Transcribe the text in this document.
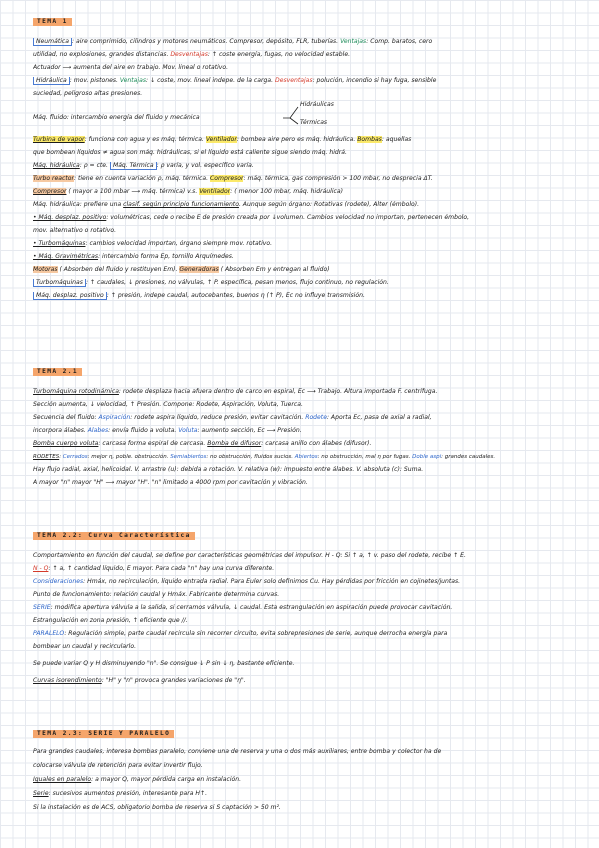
TEMA 1
Neumática : aire comprimido, cilindros y motores neumáticos. Compresor, depósito, FLR, tuberías. Ventajas: Comp. baratos, cero
utilidad, no explosiones, grandes distancias. Desventajas: ↑ coste energía, fugas, no velocidad estable.
Actuador ⟶ aumenta del aire en trabajo. Mov. lineal o rotativo.
Hidráulica : mov. pistones. Ventajas: ↓ coste, mov. lineal indepe. de la carga. Desventajas: polución, incendio si hay fuga, sensible
suciedad, peligroso altas presiones.
Máq. fluido: intercambio energía del fluido y mecánica
Hidráulicas
Térmicas
Turbina de vapor: funciona con agua y es máq. térmica. Ventilador: bombea aire pero es máq. hidráulica. Bombas: aquellas
que bombean líquidos ≠ agua son máq. hidráulicas, si el líquido está caliente sigue siendo máq. hidrá.
Máq. hidráulica: ρ = cte. Máq. Térmica : ρ varía, y vol. específico varía.
Turbo reactor: tiene en cuenta variación ρ, máq. térmica. Compresor: máq. térmica, gas compresión > 100 mbar, no desprecia ΔT.
Compresor ( mayor a 100 mbar ⟶ máq. térmica) v.s. Ventilador: ( menor 100 mbar, máq. hidráulica)
Máq. hidráulica: prefiere una clasif. según principio funcionamiento. Aunque según órgano: Rotativas (rodete), Alter (émbolo).
• Máq. desplaz. positivo: volumétricas, cede o recibe E de presión creada por ↓volumen. Cambios velocidad no importan, pertenecen émbolo,
mov. alternativo o rotativo.
• Turbomáquinas: cambios velocidad importan, órgano siempre mov. rotativo.
• Máq. Gravimétricas: intercambio forma Ep, tornillo Arquímedes.
Motoras ( Absorben del fluido y restituyen Em). Generadoras ( Absorben Em y entregan al fluido)
Turbomáquinas : ↑ caudales, ↓ presiones, no válvulas, ↑ P. específica, pesan menos, flujo continuo, no regulación.
Máq. desplaz. positivo : ↑ presión, indepe caudal, autocebantes, buenos η (↑ P), Ec no influye transmisión.
TEMA 2.1
Turbomáquina rotodinámica: rodete desplaza hacia afuera dentro de carco en espiral, Ec ⟶ Trabajo. Altura importada F. centrífuga.
Sección aumenta, ↓ velocidad, ↑ Presión. Compone: Rodete, Aspiración, Voluta, Tuerca.
Secuencia del fluido: Aspiración: rodete aspira líquido, reduce presión, evitar cavitación. Rodete: Aporta Ec, pasa de axial a radial,
incorpora álabes. Álabes: envía fluido a voluta. Voluta: aumento sección, Ec ⟶ Presión.
Bomba cuerpo voluta: carcasa forma espiral de carcasa. Bomba de difusor: carcasa anillo con álabes (difusor).
RODETES: Cerrados: mejor η, poble. obstrucción. Semiabiertos: no obstrucción, fluidos sucios. Abiertos: no obstrucción, mal η por fugas. Doble aspi: grandes caudales.
Hay flujo radial, axial, helicoidal. V. arrastre (u): debida a rotación. V. relativa (w): impuesto entre álabes. V. absoluta (c): Suma.
A mayor "n" mayor "H" ⟶ mayor "H". "n" limitado a 4000 rpm por cavitación y vibración.
TEMA 2.2: Curva Característica
Comportamiento en función del caudal, se define por características geométricas del impulsor. H - Q: Si ↑ a, ↑ v. paso del rodete, recibe ↑ E.
N - Q: ↑ a, ↑ cantidad líquido, E mayor. Para cada "n" hay una curva diferente.
Consideraciones: Hmáx, no recirculación, líquido entrada radial. Para Euler solo definimos Cu. Hay pérdidas por fricción en cojinetes/juntas.
Punto de funcionamiento: relación caudal y Hmáx. Fabricante determina curvas.
SERIE: modifica apertura válvula a la salida, si cerramos válvula, ↓ caudal. Esta estrangulación en aspiración puede provocar cavitación.
Estrangulación en zona presión, ↑ eficiente que //.
PARALELO: Regulación simple, parte caudal recircula sin recorrer circuito, evita sobrepresiones de serie, aunque derrocha energía para
bombear un caudal y recircularlo.
Se puede variar Q y H disminuyendo "n". Se consigue ↓ P sin ↓ η, bastante eficiente.
Curvas isorendimiento: "H" y "n" provoca grandes variaciones de "η".
TEMA 2.3: SERIE Y PARALELO
Para grandes caudales, interesa bombas paralelo, conviene una de reserva y una o dos más auxiliares, entre bomba y colector ha de
colocarse válvula de retención para evitar invertir flujo.
Iguales en paralelo: a mayor Q, mayor pérdida carga en instalación.
Serie: sucesivos aumentos presión, interesante para H↑.
Si la instalación es de ACS, obligatorio bomba de reserva si S captación > 50 m².
